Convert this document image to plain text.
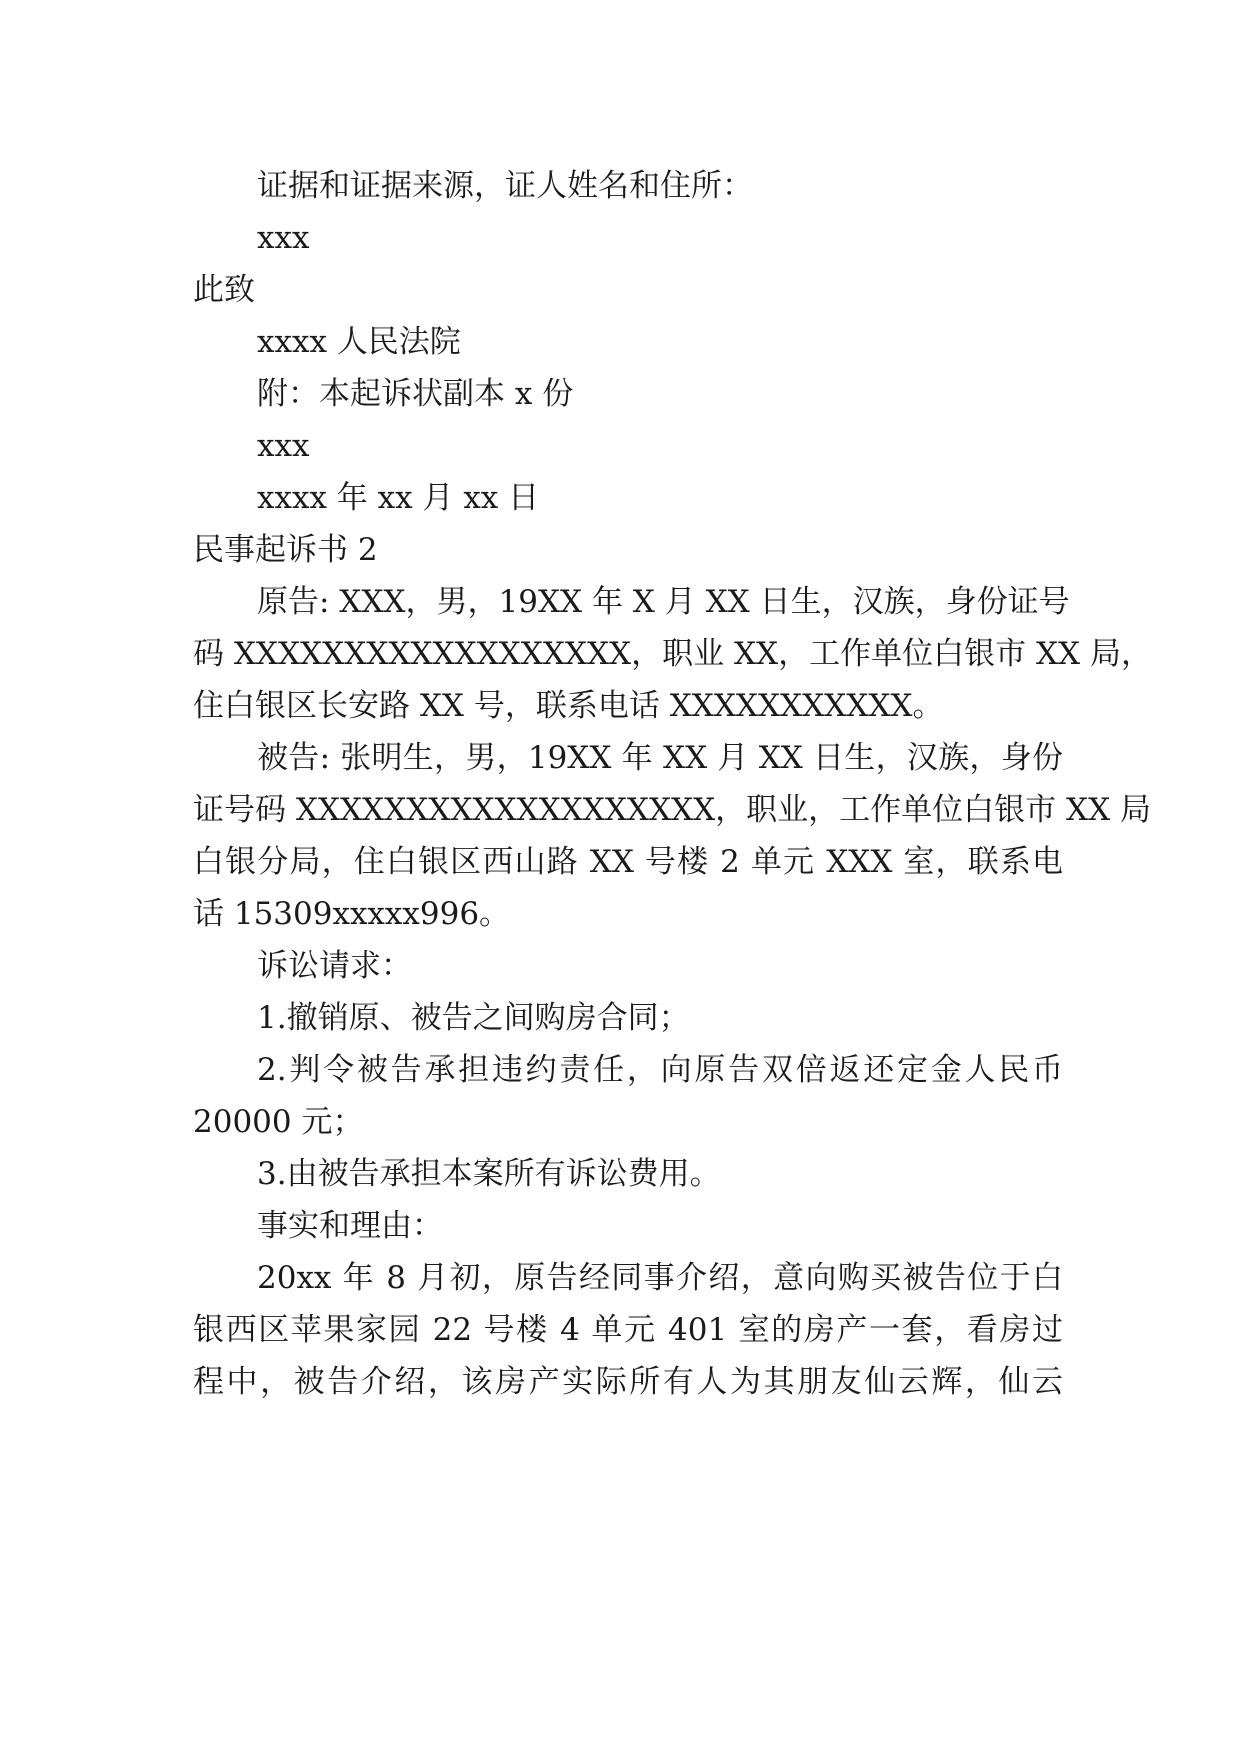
证据和证据来源，证人姓名和住所：

xxx

此致

xxxx 人民法院

附：本起诉状副本 x 份

xxx

xxxx 年 xx 月 xx 日

民事起诉书 2

原告: XXX，男，19XX 年 X 月 XX 日生，汉族，身份证号

码 XXXXXXXXXXXXXXXXXX，职业 XX，工作单位白银市 XX 局，

住白银区长安路 XX 号，联系电话 XXXXXXXXXXX。

被告: 张明生，男，19XX 年 XX 月 XX 日生，汉族，身份

证号码 XXXXXXXXXXXXXXXXXXX，职业，工作单位白银市 XX 局

白银分局，住白银区西山路 XX 号楼 2 单元 XXX 室，联系电

话 15309xxxxx996。

诉讼请求：

1.撤销原、被告之间购房合同；

2.判令被告承担违约责任，向原告双倍返还定金人民币

20000 元；

3.由被告承担本案所有诉讼费用。

事实和理由：

20xx 年 8 月初，原告经同事介绍，意向购买被告位于白

银西区苹果家园 22 号楼 4 单元 401 室的房产一套，看房过

程中，被告介绍，该房产实际所有人为其朋友仙云辉，仙云
